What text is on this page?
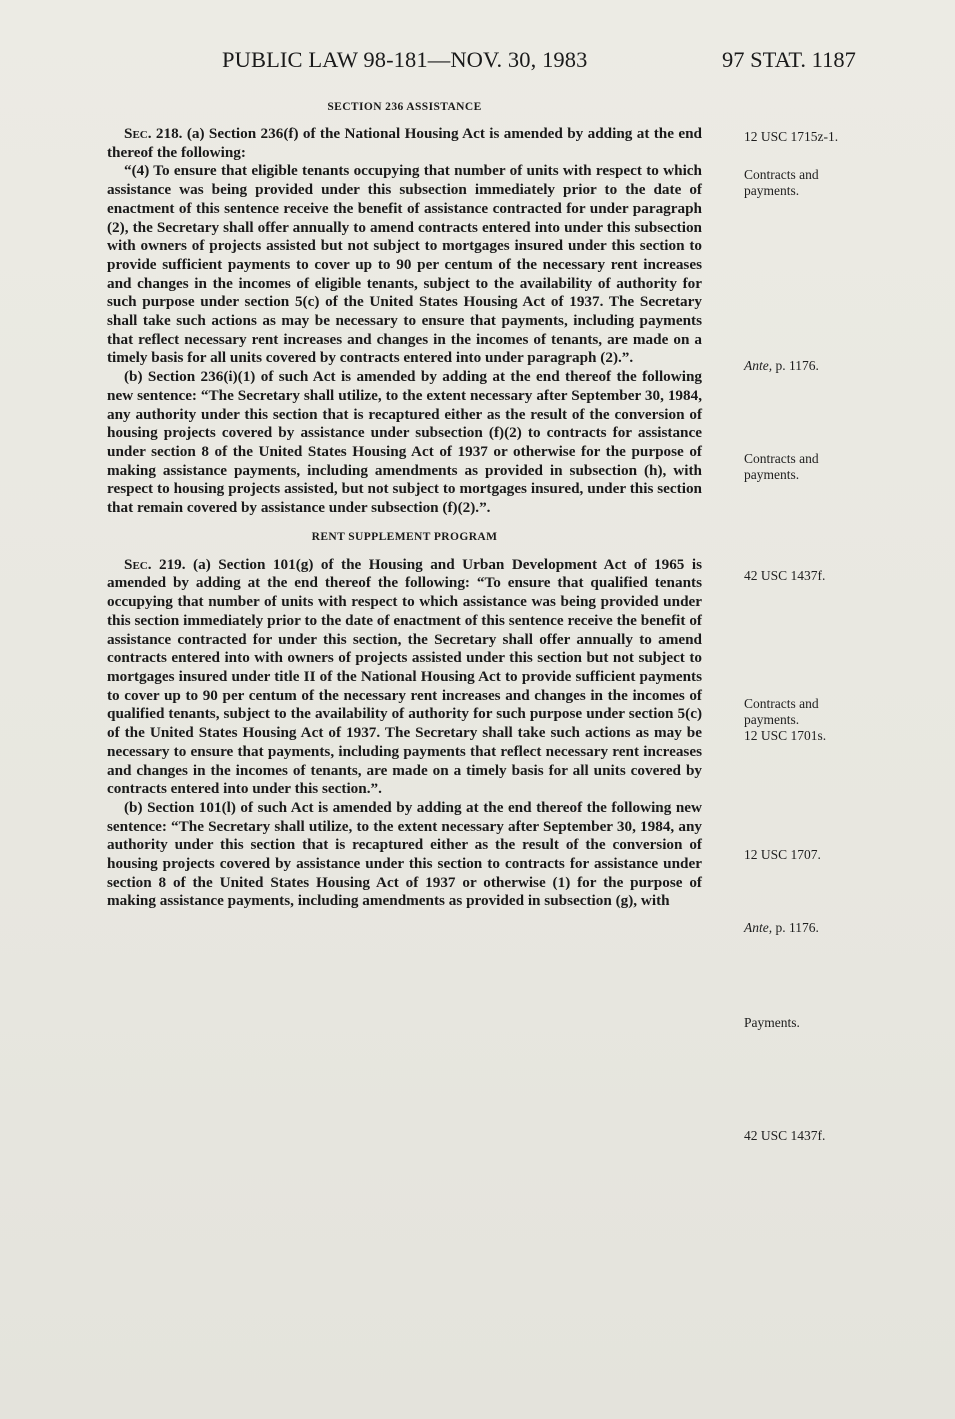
PUBLIC LAW 98-181—NOV. 30, 1983	97 STAT. 1187
SECTION 236 ASSISTANCE

Sec. 218. (a) Section 236(f) of the National Housing Act is amended by adding at the end thereof the following:

“(4) To ensure that eligible tenants occupying that number of units with respect to which assistance was being provided under this subsection immediately prior to the date of enactment of this sentence receive the benefit of assistance contracted for under paragraph (2), the Secretary shall offer annually to amend contracts entered into under this subsection with owners of projects assisted but not subject to mortgages insured under this section to provide sufficient payments to cover up to 90 per centum of the necessary rent increases and changes in the incomes of eligible tenants, subject to the availability of authority for such purpose under section 5(c) of the United States Housing Act of 1937. The Secretary shall take such actions as may be necessary to ensure that payments, including payments that reflect necessary rent increases and changes in the incomes of tenants, are made on a timely basis for all units covered by contracts entered into under paragraph (2).”.

(b) Section 236(i)(1) of such Act is amended by adding at the end thereof the following new sentence: “The Secretary shall utilize, to the extent necessary after September 30, 1984, any authority under this section that is recaptured either as the result of the conversion of housing projects covered by assistance under subsection (f)(2) to contracts for assistance under section 8 of the United States Housing Act of 1937 or otherwise for the purpose of making assistance payments, including amendments as provided in subsection (h), with respect to housing projects assisted, but not subject to mortgages insured, under this section that remain covered by assistance under subsection (f)(2).”.

RENT SUPPLEMENT PROGRAM

Sec. 219. (a) Section 101(g) of the Housing and Urban Development Act of 1965 is amended by adding at the end thereof the following: “To ensure that qualified tenants occupying that number of units with respect to which assistance was being provided under this section immediately prior to the date of enactment of this sentence receive the benefit of assistance contracted for under this section, the Secretary shall offer annually to amend contracts entered into with owners of projects assisted under this section but not subject to mortgages insured under title II of the National Housing Act to provide sufficient payments to cover up to 90 per centum of the necessary rent increases and changes in the incomes of qualified tenants, subject to the availability of authority for such purpose under section 5(c) of the United States Housing Act of 1937. The Secretary shall take such actions as may be necessary to ensure that payments, including payments that reflect necessary rent increases and changes in the incomes of tenants, are made on a timely basis for all units covered by contracts entered into under this section.”.

(b) Section 101(l) of such Act is amended by adding at the end thereof the following new sentence: “The Secretary shall utilize, to the extent necessary after September 30, 1984, any authority under this section that is recaptured either as the result of the conversion of housing projects covered by assistance under this section to contracts for assistance under section 8 of the United States Housing Act of 1937 or otherwise (1) for the purpose of making assistance payments, including amendments as provided in subsection (g), with

12 USC 1715z-1.
Contracts and payments.
Ante, p. 1176.
Contracts and payments.
42 USC 1437f.
Contracts and payments.
12 USC 1701s.
12 USC 1707.
Ante, p. 1176.
Payments.
42 USC 1437f.
